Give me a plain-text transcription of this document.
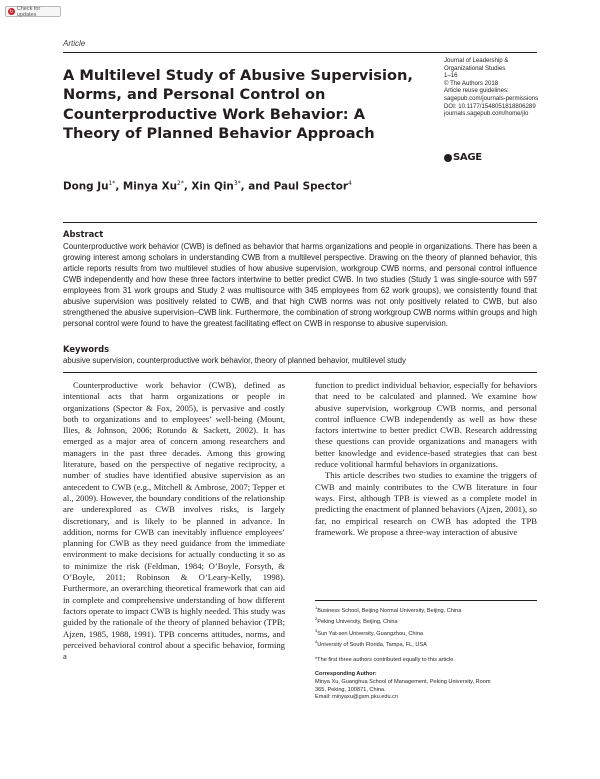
↻ Check for updates
Article
A Multilevel Study of Abusive Supervision, Norms, and Personal Control on Counterproductive Work Behavior: A Theory of Planned Behavior Approach
Journal of Leadership &
Organizational Studies
1–16
© The Authors 2018
Article reuse guidelines:
sagepub.com/journals-permissions
DOI: 10.1177/1548051818806289
journals.sagepub.com/home/jlo
SAGE
Dong $Ju^{1*}$, Minya $Xu^{2*}$, Xin Qin$^{3*}$, and Paul Spector$^4$
Abstract

Counterproductive work behavior (CWB) is defined as behavior that harms organizations and people in organizations. There has been a growing interest among scholars in understanding CWB from a multilevel perspective. Drawing on the theory of planned behavior, this article reports results from two multilevel studies of how abusive supervision, workgroup CWB norms, and personal control influence CWB independently and how these three factors intertwine to better predict CWB. In two studies (Study 1 was single-source with 597 employees from 31 work groups and Study 2 was multisource with 345 employees from 62 work groups), we consistently found that abusive supervision was positively related to CWB, and that high CWB norms was not only positively related to CWB, but also strengthened the abusive supervision–CWB link. Furthermore, the combination of strong workgroup CWB norms within groups and high personal control were found to have the greatest facilitating effect on CWB in response to abusive supervision.

Keywords
abusive supervision, counterproductive work behavior, theory of planned behavior, multilevel study

Counterproductive work behavior (CWB), defined as intentional acts that harm organizations or people in organizations (Spector & Fox, 2005), is pervasive and costly both to organizations and to employees’ well-being (Mount, Ilies, & Johnson, 2006; Rotundo & Sackett, 2002). It has emerged as a major area of concern among researchers and managers in the past three decades. Among this growing literature, based on the perspective of negative reciprocity, a number of studies have identified abusive supervision as an antecedent to CWB (e.g., Mitchell & Ambrose, 2007; Tepper et al., 2009). However, the boundary conditions of the relationship are underexplored as CWB involves risks, is largely discretionary, and is likely to be planned in advance. In addition, norms for CWB can inevitably influence employees’ planning for CWB as they need guidance from the immediate environment to make decisions for actually conducting it so as to minimize the risk (Feldman, 1984; O’Boyle, Forsyth, & O’Boyle, 2011; Robinson & O’Leary-Kelly, 1998). Furthermore, an overarching theoretical framework that can aid in complete and comprehensive understanding of how different factors operate to impact CWB is highly needed. This study was guided by the rationale of the theory of planned behavior (TPB; Ajzen, 1985, 1988, 1991). TPB concerns attitudes, norms, and perceived behavioral control about a specific behavior, forming a

function to predict individual behavior, especially for behaviors that need to be calculated and planned. We examine how abusive supervision, workgroup CWB norms, and personal control influence CWB independently as well as how these factors intertwine to better predict CWB. Research addressing these questions can provide organizations and managers with better knowledge and evidence-based strategies that can best reduce volitional harmful behaviors in organizations.

This article describes two studies to examine the triggers of CWB and mainly contributes to the CWB literature in four ways. First, although TPB is viewed as a complete model in predicting the enactment of planned behaviors (Ajzen, 2001), so far, no empirical research on CWB has adopted the TPB framework. We propose a three-way interaction of abusive

$^1$Business School, Beijing Normal University, Beijing, China
$^2$Peking University, Beijing, China
$^3$Sun Yat-sen University, Guangzhou, China
$^4$University of South Florida, Tampa, FL, USA
*The first three authors contributed equally to this article.
Corresponding Author:
Minya Xu, Guanghua School of Management, Peking University, Room
365, Peking, 100871, China.
Email: minyaxu@gsm.pku.edu.cn
